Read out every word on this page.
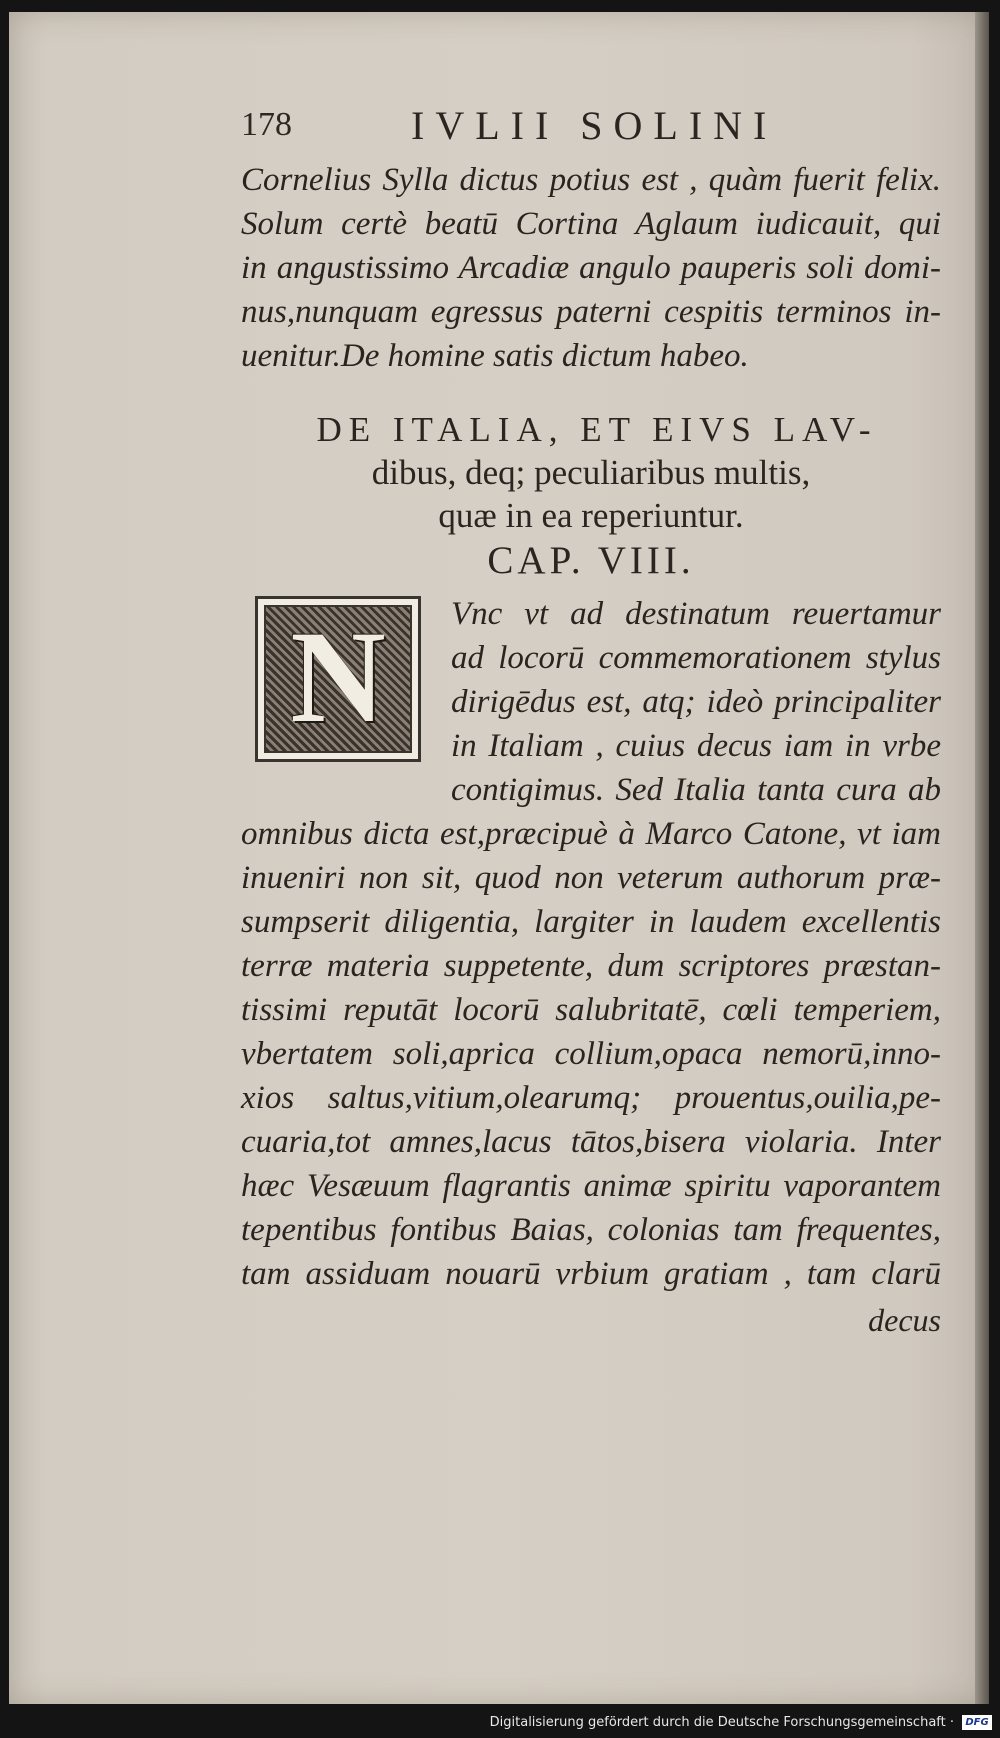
178	IVLII SOLINI
Cornelius Sylla dictus potius est , quàm fuerit felix.
Solum certè beatū Cortina Aglaum iudicauit, qui
in angustissimo Arcadiæ angulo pauperis soli domi-
nus,nunquam egressus paterni cespitis terminos in-
uenitur.De homine satis dictum habeo.
DE ITALIA, ET EIVS LAV-
dibus, deq; peculiaribus multis,
quæ in ea reperiuntur.
CAP. VIII.
N	Vnc vt ad destinatum reuertamur
ad locorū commemorationem stylus
dirigēdus est, atq; ideò principaliter
in Italiam , cuius decus iam in vrbe
contigimus. Sed Italia tanta cura ab
omnibus dicta est,præcipuè à Marco Catone, vt iam
inueniri non sit, quod non veterum authorum præ-
sumpserit diligentia, largiter in laudem excellentis
terræ materia suppetente, dum scriptores præstan-
tissimi reputāt locorū salubritatē, cœli temperiem,
vbertatem soli,aprica collium,opaca nemorū,inno-
xios saltus,vitium,olearumq; prouentus,ouilia,pe-
cuaria,tot amnes,lacus tātos,bisera violaria. Inter
hæc Vesæuum flagrantis animæ spiritu vaporantem
tepentibus fontibus Baias, colonias tam frequentes,
tam assiduam nouarū vrbium gratiam , tam clarū
decus
Digitalisierung gefördert durch die Deutsche Forschungsgemeinschaft ·	DFG
